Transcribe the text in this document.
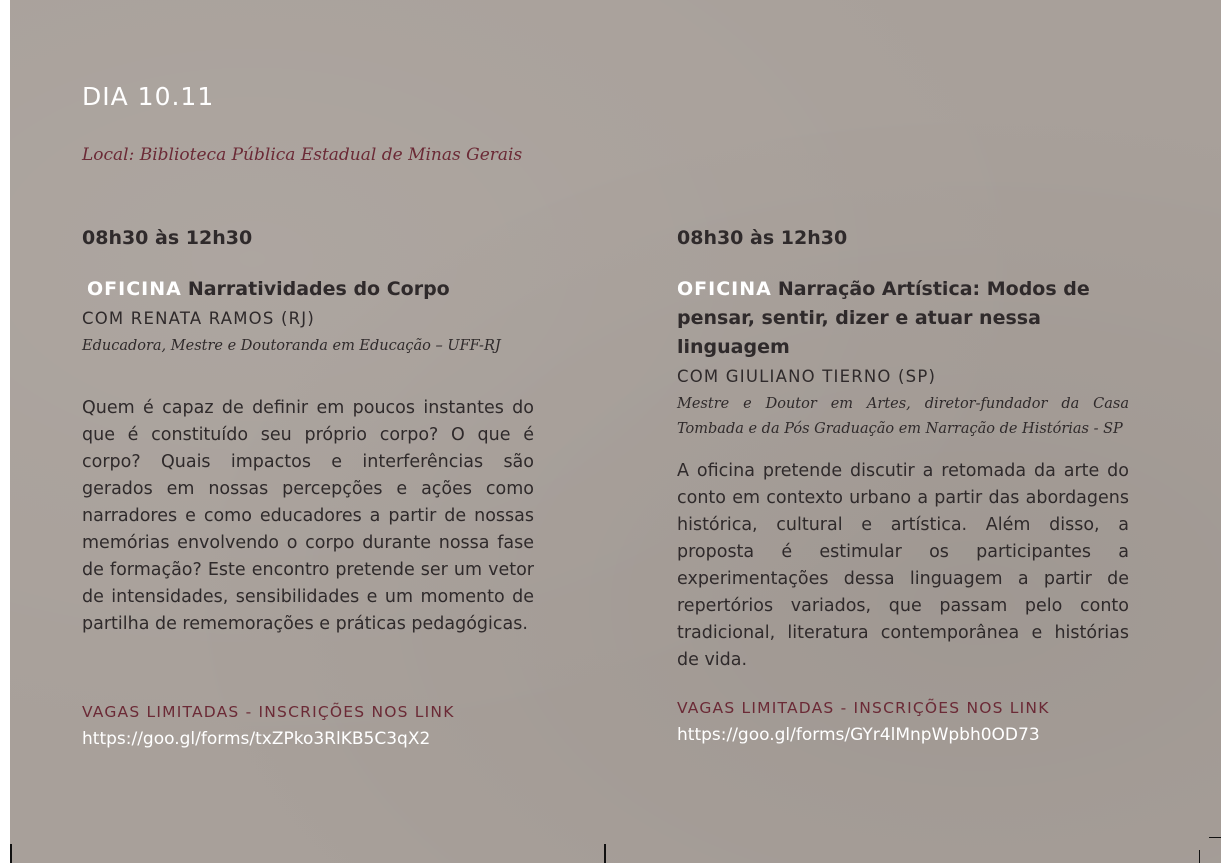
DIA 10.11
Local: Biblioteca Pública Estadual de Minas Gerais
08h30 às 12h30
OFICINA Narratividades do Corpo
COM RENATA RAMOS (RJ)
Educadora, Mestre e Doutoranda em Educação – UFF-RJ
Quem é capaz de definir em poucos instantes do que é constituído seu próprio corpo? O que é corpo? Quais impactos e interferências são gerados em nossas percepções e ações como narradores e como educadores a partir de nossas memórias envolvendo o corpo durante nossa fase de formação? Este encontro pretende ser um vetor de intensidades, sensibilidades e um momento de partilha de rememorações e práticas pedagógicas.
VAGAS LIMITADAS - INSCRIÇÕES NOS LINK
https://goo.gl/forms/txZPko3RlKB5C3qX2
08h30 às 12h30
OFICINA Narração Artística: Modos de pensar, sentir, dizer e atuar nessa linguagem
COM GIULIANO TIERNO (SP)
Mestre e Doutor em Artes, diretor-fundador da Casa Tombada e da Pós Graduação em Narração de Histórias - SP
A oficina pretende discutir a retomada da arte do conto em contexto urbano a partir das abordagens histórica, cultural e artística. Além disso, a proposta é estimular os participantes a experimentações dessa linguagem a partir de repertórios variados, que passam pelo conto tradicional, literatura contemporânea e histórias de vida.
VAGAS LIMITADAS - INSCRIÇÕES NOS LINK
https://goo.gl/forms/GYr4lMnpWpbh0OD73
